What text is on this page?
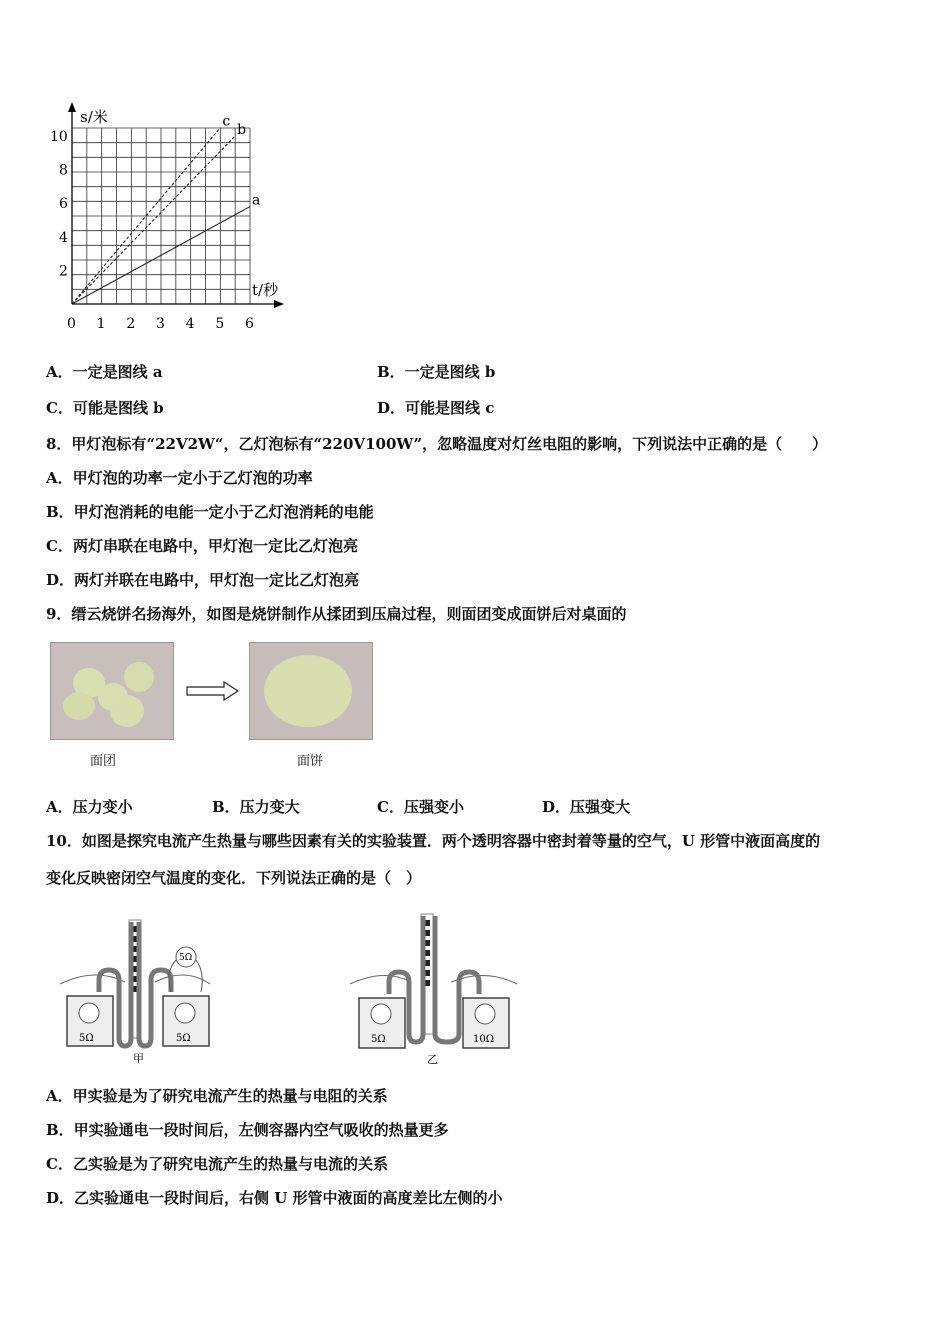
c
b
a
0 1 2 3 4 5 6
2
4
6
8
10
s/米
t/秒
A．一定是图线 a	B．一定是图线 b
C．可能是图线 b	D．可能是图线 c
8．甲灯泡标有“22V2W“，乙灯泡标有“220V100W”，忽略温度对灯丝电阻的影响，下列说法中正确的是（　　）
A．甲灯泡的功率一定小于乙灯泡的功率
B．甲灯泡消耗的电能一定小于乙灯泡消耗的电能
C．两灯串联在电路中，甲灯泡一定比乙灯泡亮
D．两灯并联在电路中，甲灯泡一定比乙灯泡亮
9．缙云烧饼名扬海外，如图是烧饼制作从揉团到压扁过程，则面团变成面饼后对桌面的
面团	面饼
A．压力变小	B．压力变大	C．压强变小	D．压强变大
10．如图是探究电流产生热量与哪些因素有关的实验装置．两个透明容器中密封着等量的空气，U 形管中液面高度的
变化反映密闭空气温度的变化．下列说法正确的是（　）
5Ω	5Ω
5Ω
甲
5Ω	10Ω
乙
A．甲实验是为了研究电流产生的热量与电阻的关系
B．甲实验通电一段时间后，左侧容器内空气吸收的热量更多
C．乙实验是为了研究电流产生的热量与电流的关系
D．乙实验通电一段时间后，右侧 U 形管中液面的高度差比左侧的小
